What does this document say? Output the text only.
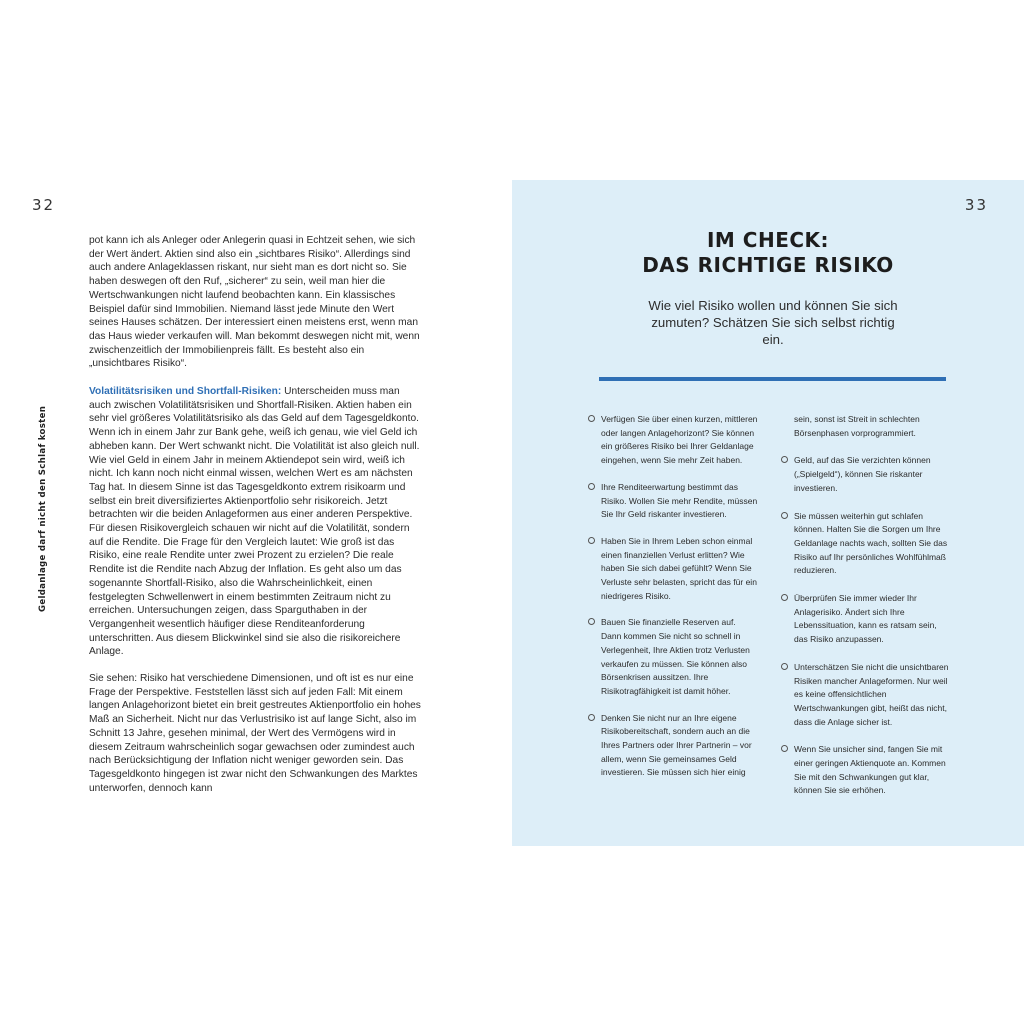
32	33
Geldanlage darf nicht den Schlaf kosten

pot kann ich als Anleger oder Anlegerin quasi in Echtzeit sehen, wie sich der Wert ändert. Aktien sind also ein „sichtbares Risiko“. Allerdings sind auch andere Anlageklassen riskant, nur sieht man es dort nicht so. Sie haben deswegen oft den Ruf, „sicherer“ zu sein, weil man hier die Wertschwankungen nicht laufend beobachten kann. Ein klassisches Beispiel dafür sind Immobilien. Niemand lässt jede Minute den Wert seines Hauses schätzen. Der interessiert einen meistens erst, wenn man das Haus wieder verkaufen will. Man bekommt deswegen nicht mit, wenn zwischenzeitlich der Immobilienpreis fällt. Es besteht also ein „unsichtbares Risiko“.

Volatilitätsrisiken und Shortfall-Risiken: Unterscheiden muss man auch zwischen Volatilitätsrisiken und Shortfall-Risiken. Aktien haben ein sehr viel größeres Volatilitätsrisiko als das Geld auf dem Tagesgeldkonto. Wenn ich in einem Jahr zur Bank gehe, weiß ich genau, wie viel Geld ich abheben kann. Der Wert schwankt nicht. Die Volatilität ist also gleich null. Wie viel Geld in einem Jahr in meinem Aktiendepot sein wird, weiß ich nicht. Ich kann noch nicht einmal wissen, welchen Wert es am nächsten Tag hat. In diesem Sinne ist das Tagesgeldkonto extrem risikoarm und selbst ein breit diversifiziertes Aktienportfolio sehr risikoreich. Jetzt betrachten wir die beiden Anlageformen aus einer anderen Perspektive. Für diesen Risikovergleich schauen wir nicht auf die Volatilität, sondern auf die Rendite. Die Frage für den Vergleich lautet: Wie groß ist das Risiko, eine reale Rendite unter zwei Prozent zu erzielen? Die reale Rendite ist die Rendite nach Abzug der Inflation. Es geht also um das sogenannte Shortfall-Risiko, also die Wahrscheinlichkeit, einen festgelegten Schwellenwert in einem bestimmten Zeitraum nicht zu erreichen. Untersuchungen zeigen, dass Sparguthaben in der Vergangenheit wesentlich häufiger diese Renditeanforderung unterschritten. Aus diesem Blickwinkel sind sie also die risikoreichere Anlage.

Sie sehen: Risiko hat verschiedene Dimensionen, und oft ist es nur eine Frage der Perspektive. Feststellen lässt sich auf jeden Fall: Mit einem langen Anlagehorizont bietet ein breit gestreutes Aktienportfolio ein hohes Maß an Sicherheit. Nicht nur das Verlustrisiko ist auf lange Sicht, also im Schnitt 13 Jahre, gesehen minimal, der Wert des Vermögens wird in diesem Zeitraum wahrscheinlich sogar gewachsen oder zumindest auch nach Berücksichtigung der Inflation nicht weniger geworden sein. Das Tagesgeldkonto hingegen ist zwar nicht den Schwankungen des Marktes unterworfen, dennoch kann

IM CHECK:
DAS RICHTIGE RISIKO
Wie viel Risiko wollen und können Sie sich zumuten? Schätzen Sie sich selbst richtig ein.
Verfügen Sie über einen kurzen, mittleren oder langen Anlagehorizont? Sie können ein größeres Risiko bei Ihrer Geldanlage eingehen, wenn Sie mehr Zeit haben.
Ihre Renditeerwartung bestimmt das Risiko. Wollen Sie mehr Rendite, müssen Sie Ihr Geld riskanter investieren.
Haben Sie in Ihrem Leben schon einmal einen finanziellen Verlust erlitten? Wie haben Sie sich dabei gefühlt? Wenn Sie Verluste sehr belasten, spricht das für ein niedrigeres Risiko.
Bauen Sie finanzielle Reserven auf. Dann kommen Sie nicht so schnell in Verlegenheit, Ihre Aktien trotz Verlusten verkaufen zu müssen. Sie können also Börsenkrisen aussitzen. Ihre Risikotragfähigkeit ist damit höher.
Denken Sie nicht nur an Ihre eigene Risikobereitschaft, sondern auch an die Ihres Partners oder Ihrer Partnerin – vor allem, wenn Sie gemeinsames Geld investieren. Sie müssen sich hier einig
sein, sonst ist Streit in schlechten Börsenphasen vorprogrammiert.
Geld, auf das Sie verzichten können („Spielgeld“), können Sie riskanter investieren.
Sie müssen weiterhin gut schlafen können. Halten Sie die Sorgen um Ihre Geldanlage nachts wach, sollten Sie das Risiko auf Ihr persönliches Wohlfühlmaß reduzieren.
Überprüfen Sie immer wieder Ihr Anlagerisiko. Ändert sich Ihre Lebenssituation, kann es ratsam sein, das Risiko anzupassen.
Unterschätzen Sie nicht die unsichtbaren Risiken mancher Anlageformen. Nur weil es keine offensichtlichen Wertschwankungen gibt, heißt das nicht, dass die Anlage sicher ist.
Wenn Sie unsicher sind, fangen Sie mit einer geringen Aktienquote an. Kommen Sie mit den Schwankungen gut klar, können Sie sie erhöhen.
